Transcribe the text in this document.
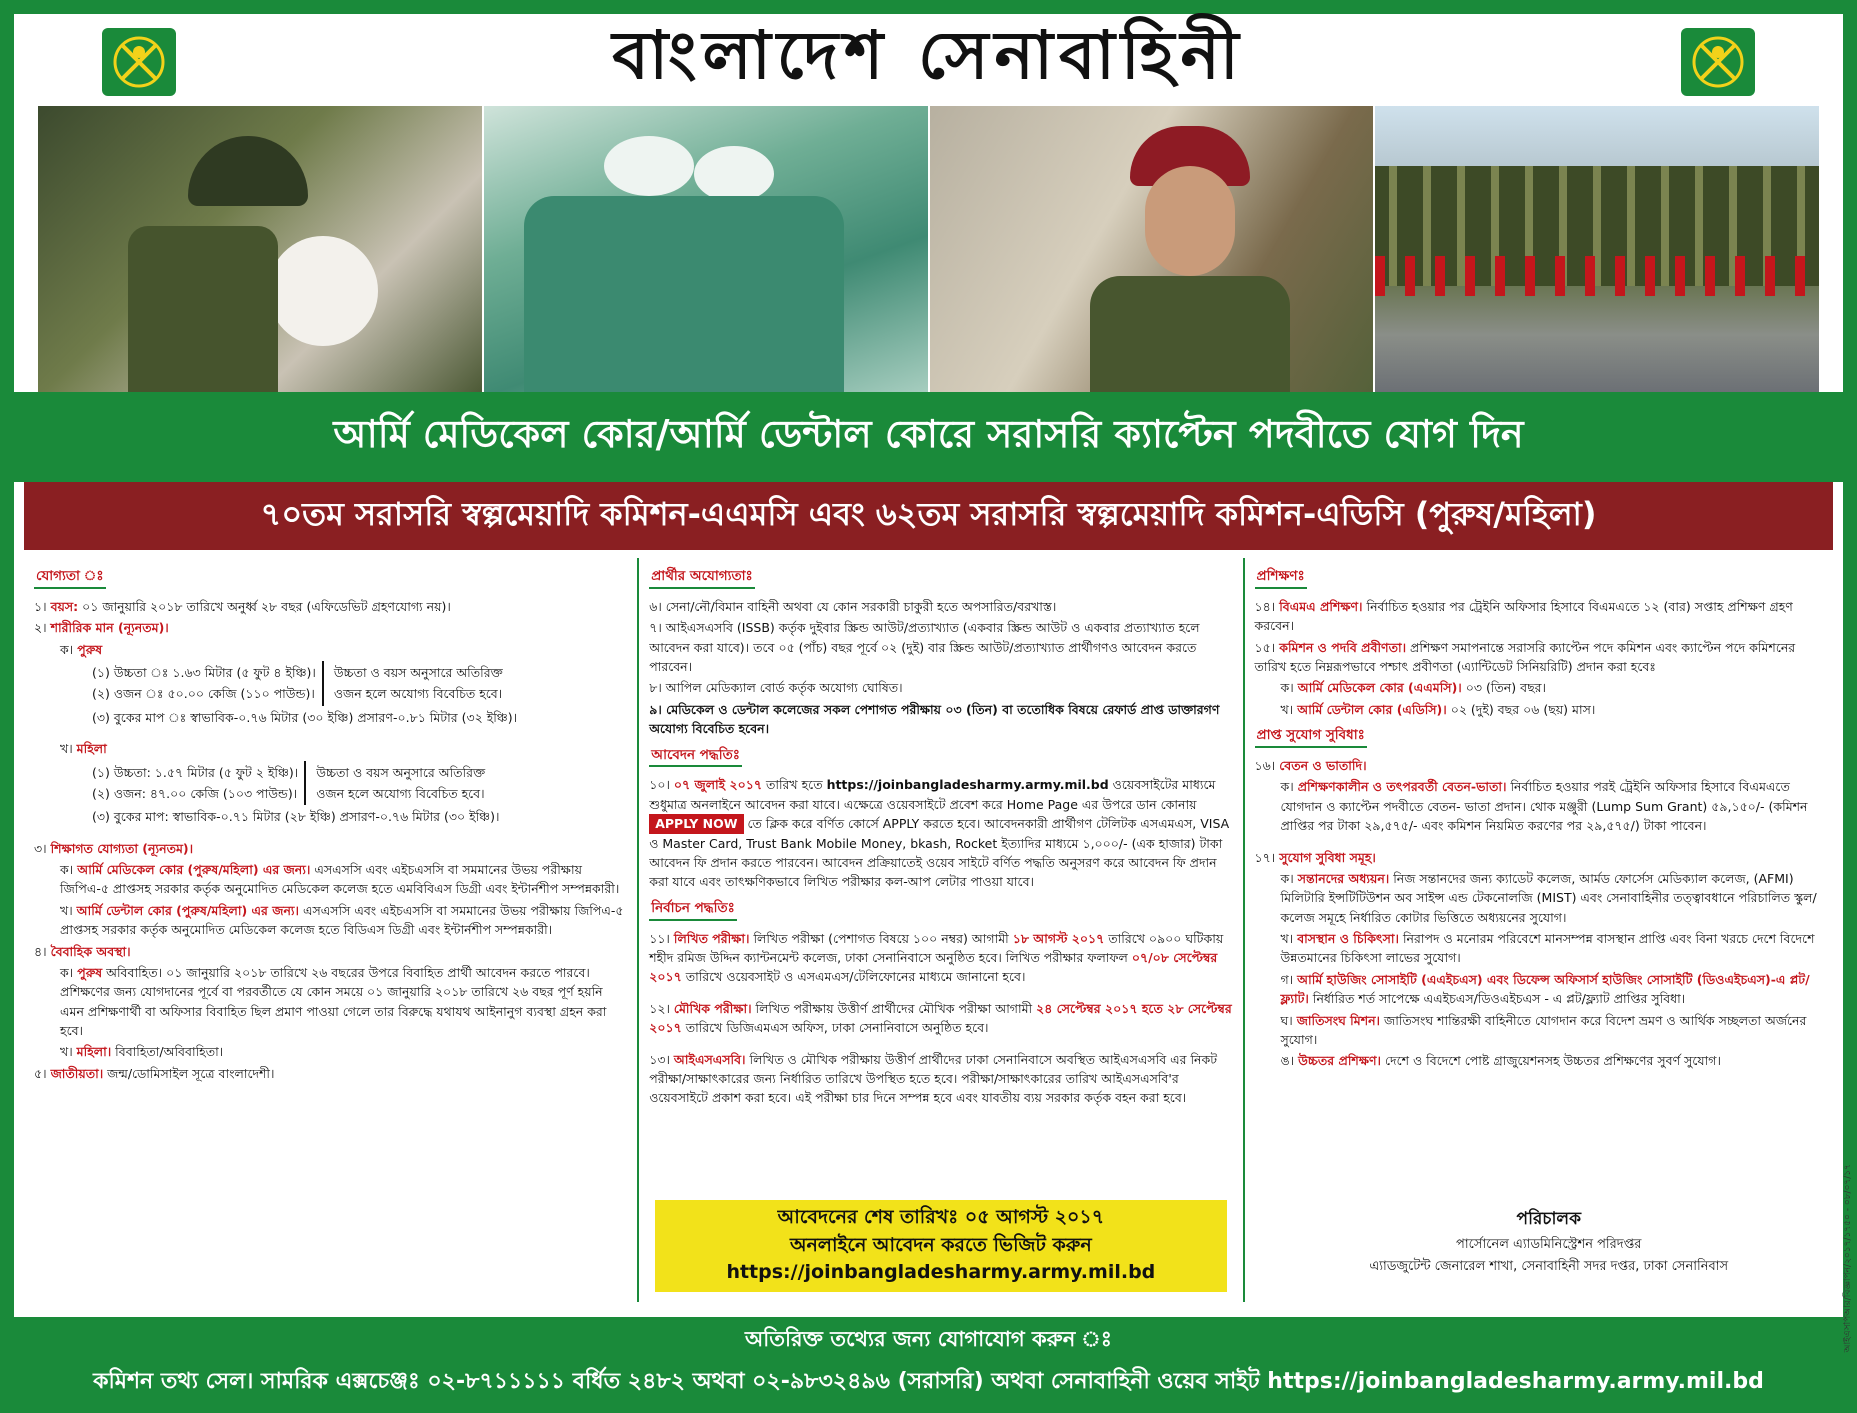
বাংলাদেশ সেনাবাহিনী
আর্মি মেডিকেল কোর/আর্মি ডেন্টাল কোরে সরাসরি ক্যাপ্টেন পদবীতে যোগ দিন
৭০তম সরাসরি স্বল্পমেয়াদি কমিশন-এএমসি এবং ৬২তম সরাসরি স্বল্পমেয়াদি কমিশন-এডিসি (পুরুষ/মহিলা)
যোগ্যতা ঃ
১। বয়স: ০১ জানুয়ারি ২০১৮ তারিখে অনুর্ধ্ব ২৮ বছর (এফিডেভিট গ্রহণযোগ্য নয়)।
২। শারীরিক মান (ন্যূনতম)।
ক। পুরুষ
(১) উচ্চতা ঃ ১.৬৩ মিটার (৫ ফুট ৪ ইঞ্চি)।
(২) ওজন ঃ ৫০.০০ কেজি (১১০ পাউন্ড)।
উচ্চতা ও বয়স অনুসারে অতিরিক্ত
ওজন হলে অযোগ্য বিবেচিত হবে।
(৩) বুকের মাপ ঃ স্বাভাবিক-০.৭৬ মিটার (৩০ ইঞ্চি) প্রসারণ-০.৮১ মিটার (৩২ ইঞ্চি)।
খ। মহিলা
(১) উচ্চতা: ১.৫৭ মিটার (৫ ফুট ২ ইঞ্চি)।
(২) ওজন: ৪৭.০০ কেজি (১০৩ পাউন্ড)।
উচ্চতা ও বয়স অনুসারে অতিরিক্ত
ওজন হলে অযোগ্য বিবেচিত হবে।
(৩) বুকের মাপ: স্বাভাবিক-০.৭১ মিটার (২৮ ইঞ্চি) প্রসারণ-০.৭৬ মিটার (৩০ ইঞ্চি)।
৩। শিক্ষাগত যোগ্যতা (ন্যূনতম)।
ক। আর্মি মেডিকেল কোর (পুরুষ/মহিলা) এর জন্য। এসএসসি এবং এইচএসসি বা সমমানের উভয় পরীক্ষায় জিপিএ-৫ প্রাপ্তসহ সরকার কর্তৃক অনুমোদিত মেডিকেল কলেজ হতে এমবিবিএস ডিগ্রী এবং ইন্টার্নশীপ সম্পন্নকারী।
খ। আর্মি ডেন্টাল কোর (পুরুষ/মহিলা) এর জন্য। এসএসসি এবং এইচএসসি বা সমমানের উভয় পরীক্ষায় জিপিএ-৫ প্রাপ্তসহ সরকার কর্তৃক অনুমোদিত মেডিকেল কলেজ হতে বিডিএস ডিগ্রী এবং ইন্টার্নশীপ সম্পন্নকারী।
৪। বৈবাহিক অবস্থা।
ক। পুরুষ অবিবাহিত। ০১ জানুয়ারি ২০১৮ তারিখে ২৬ বছরের উপরে বিবাহিত প্রার্থী আবেদন করতে পারবে। প্রশিক্ষণের জন্য যোগদানের পূর্বে বা পরবর্তীতে যে কোন সময়ে ০১ জানুয়ারি ২০১৮ তারিখে ২৬ বছর পূর্ণ হয়নি এমন প্রশিক্ষণার্থী বা অফিসার বিবাহিত ছিল প্রমাণ পাওয়া গেলে তার বিরুদ্ধে যথাযথ আইনানুগ ব্যবস্থা গ্রহন করা হবে।
খ। মহিলা। বিবাহিতা/অবিবাহিতা।
৫। জাতীয়তা। জন্ম/ডোমিসাইল সূত্রে বাংলাদেশী।
প্রার্থীর অযোগ্যতাঃ
৬। সেনা/নৌ/বিমান বাহিনী অথবা যে কোন সরকারী চাকুরী হতে অপসারিত/বরখাস্ত।
৭। আইএসএসবি (ISSB) কর্তৃক দুইবার স্ক্রিন্ড আউট/প্রত্যাখ্যাত (একবার স্ক্রিন্ড আউট ও একবার প্রত্যাখ্যাত হলে আবেদন করা যাবে)। তবে ০৫ (পাঁচ) বছর পূর্বে ০২ (দুই) বার স্ক্রিন্ড আউট/প্রত্যাখ্যাত প্রার্থীগণও আবেদন করতে পারবেন।
৮। আপিল মেডিক্যাল বোর্ড কর্তৃক অযোগ্য ঘোষিত।
৯। মেডিকেল ও ডেন্টাল কলেজের সকল পেশাগত পরীক্ষায় ০৩ (তিন) বা ততোধিক বিষয়ে রেফার্ড প্রাপ্ত ডাক্তারগণ অযোগ্য বিবেচিত হবেন।
আবেদন পদ্ধতিঃ
১০। ০৭ জুলাই ২০১৭ তারিখ হতে https://joinbangladesharmy.army.mil.bd ওয়েবসাইটের মাধ্যমে শুধুমাত্র অনলাইনে আবেদন করা যাবে। এক্ষেত্রে ওয়েবসাইটে প্রবেশ করে Home Page এর উপরে ডান কোনায় APPLY NOW তে ক্লিক করে বর্ণিত কোর্সে APPLY করতে হবে। আবেদনকারী প্রার্থীগণ টেলিটক এসএমএস, VISA ও Master Card, Trust Bank Mobile Money, bkash, Rocket ইত্যাদির মাধ্যমে ১,০০০/- (এক হাজার) টাকা আবেদন ফি প্রদান করতে পারবেন। আবেদন প্রক্রিয়াতেই ওয়েব সাইটে বর্ণিত পদ্ধতি অনুসরণ করে আবেদন ফি প্রদান করা যাবে এবং তাৎক্ষণিকভাবে লিখিত পরীক্ষার কল-আপ লেটার পাওয়া যাবে।
নির্বাচন পদ্ধতিঃ
১১। লিখিত পরীক্ষা। লিখিত পরীক্ষা (পেশাগত বিষয়ে ১০০ নম্বর) আগামী ১৮ আগস্ট ২০১৭ তারিখে ০৯০০ ঘটিকায় শহীদ রমিজ উদ্দিন ক্যান্টনমেন্ট কলেজ, ঢাকা সেনানিবাসে অনুষ্ঠিত হবে। লিখিত পরীক্ষার ফলাফল ০৭/০৮ সেপ্টেম্বর ২০১৭ তারিখে ওয়েবসাইট ও এসএমএস/টেলিফোনের মাধ্যমে জানানো হবে।
১২। মৌখিক পরীক্ষা। লিখিত পরীক্ষায় উত্তীর্ণ প্রার্থীদের মৌখিক পরীক্ষা আগামী ২৪ সেপ্টেম্বর ২০১৭ হতে ২৮ সেপ্টেম্বর ২০১৭ তারিখে ডিজিএমএস অফিস, ঢাকা সেনানিবাসে অনুষ্ঠিত হবে।
১৩। আইএসএসবি। লিখিত ও মৌখিক পরীক্ষায় উত্তীর্ণ প্রার্থীদের ঢাকা সেনানিবাসে অবস্থিত আইএসএসবি এর নিকট পরীক্ষা/সাক্ষাৎকারের জন্য নির্ধারিত তারিখে উপস্থিত হতে হবে। পরীক্ষা/সাক্ষাৎকারের তারিখ আইএসএসবি'র ওয়েবসাইটে প্রকাশ করা হবে। এই পরীক্ষা চার দিনে সম্পন্ন হবে এবং যাবতীয় ব্যয় সরকার কর্তৃক বহন করা হবে।
আবেদনের শেষ তারিখঃ ০৫ আগস্ট ২০১৭
অনলাইনে আবেদন করতে ভিজিট করুন
https://joinbangladesharmy.army.mil.bd
প্রশিক্ষণঃ
১৪। বিএমএ প্রশিক্ষণ। নির্বাচিত হওয়ার পর ট্রেইনি অফিসার হিসাবে বিএমএতে ১২ (বার) সপ্তাহ প্রশিক্ষণ গ্রহণ করবেন।
১৫। কমিশন ও পদবি প্রবীণতা। প্রশিক্ষণ সমাপনান্তে সরাসরি ক্যাপ্টেন পদে কমিশন এবং ক্যাপ্টেন পদে কমিশনের তারিখ হতে নিম্নরূপভাবে পশ্চাৎ প্রবীণতা (এ্যান্টিডেট সিনিয়রিটি) প্রদান করা হবেঃ
ক। আর্মি মেডিকেল কোর (এএমসি)। ০৩ (তিন) বছর।
খ। আর্মি ডেন্টাল কোর (এডিসি)। ০২ (দুই) বছর ০৬ (ছয়) মাস।
প্রাপ্ত সুযোগ সুবিধাঃ
১৬। বেতন ও ভাতাদি।
ক। প্রশিক্ষণকালীন ও তৎপরবর্তী বেতন-ভাতা। নির্বাচিত হওয়ার পরই ট্রেইনি অফিসার হিসাবে বিএমএতে যোগদান ও ক্যাপ্টেন পদবীতে বেতন- ভাতা প্রদান। থোক মঞ্জুরী (Lump Sum Grant) ৫৯,১৫০/- (কমিশন প্রাপ্তির পর টাকা ২৯,৫৭৫/- এবং কমিশন নিয়মিত করণের পর ২৯,৫৭৫/) টাকা পাবেন।
১৭। সুযোগ সুবিধা সমূহ।
ক। সন্তানদের অধ্যয়ন। নিজ সন্তানদের জন্য ক্যাডেট কলেজ, আর্মড ফোর্সেস মেডিক্যাল কলেজ, (AFMI) মিলিটারি ইন্সটিটিউশন অব সাইন্স এন্ড টেকনোলজি (MIST) এবং সেনাবাহিনীর তত্ত্বাবধানে পরিচালিত স্কুল/কলেজ সমূহে নির্ধারিত কোটার ভিত্তিতে অধ্যয়নের সুযোগ।
খ। বাসস্থান ও চিকিৎসা। নিরাপদ ও মনোরম পরিবেশে মানসম্পন্ন বাসস্থান প্রাপ্তি এবং বিনা খরচে দেশে বিদেশে উন্নতমানের চিকিৎসা লাভের সুযোগ।
গ। আর্মি হাউজিং সোসাইটি (এএইচএস) এবং ডিফেন্স অফিসার্স হাউজিং সোসাইটি (ডিওএইচএস)-এ প্লট/ফ্ল্যাট। নির্ধারিত শর্ত সাপেক্ষে এএইচএস/ডিওএইচএস - এ প্লট/ফ্ল্যাট প্রাপ্তির সুবিধা।
ঘ। জাতিসংঘ মিশন। জাতিসংঘ শান্তিরক্ষী বাহিনীতে যোগদান করে বিদেশ ভ্রমণ ও আর্থিক সচ্ছলতা অর্জনের সুযোগ।
ঙ। উচ্চতর প্রশিক্ষণ। দেশে ও বিদেশে পোষ্ট গ্রাজুয়েশনসহ উচ্চতর প্রশিক্ষণের সুবর্ণ সুযোগ।
পরিচালক
পার্সোনেল এ্যাডমিনিস্ট্রেশন পরিদপ্তর
এ্যাডজুটেন্ট জেনারেল শাখা, সেনাবাহিনী সদর দপ্তর, ঢাকা সেনানিবাস	আইএসপিআর/বিজ্ঞাপন/২০১৭/১৭৫০ - ০৮/০৭/১৭
অতিরিক্ত তথ্যের জন্য যোগাযোগ করুন ঃ
কমিশন তথ্য সেল। সামরিক এক্সচেঞ্জঃ ০২-৮৭১১১১১ বর্ধিত ২৪৮২ অথবা ০২-৯৮৩২৪৯৬ (সরাসরি) অথবা সেনাবাহিনী ওয়েব সাইট https://joinbangladesharmy.army.mil.bd
